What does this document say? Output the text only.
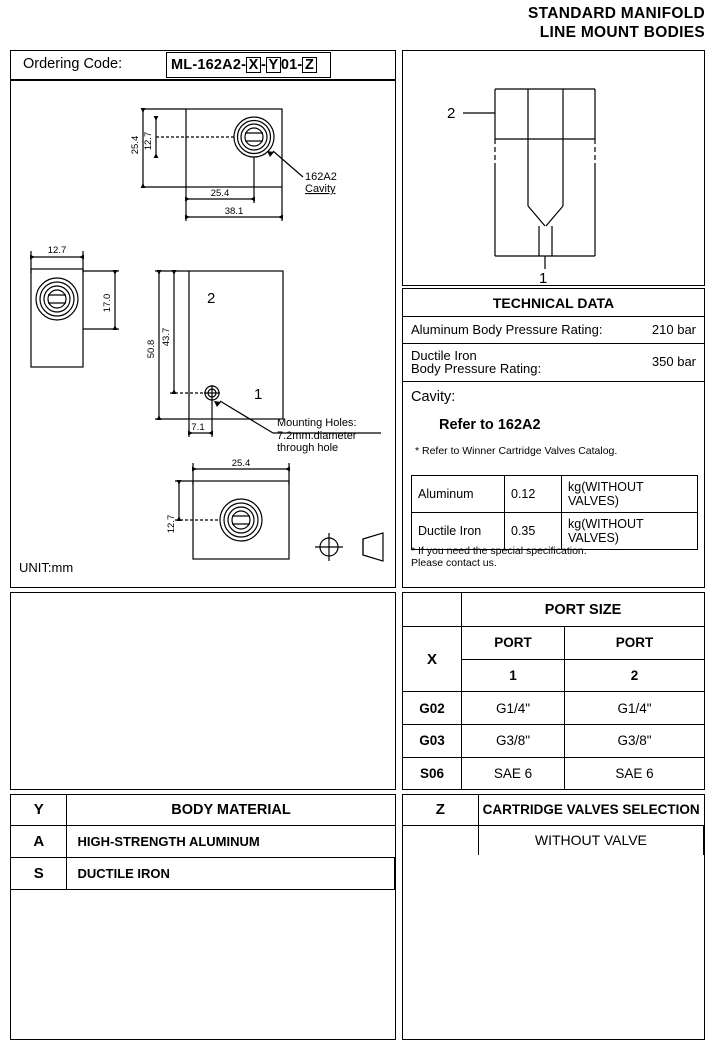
STANDARD MANIFOLD
LINE MOUNT BODIES
Ordering Code:	ML-162A2- X - Y 01- Z
25.4 12.7
25.4
38.1
12.7
17.0
50.8
43.7
7.1
25.4
12.7
2
1
162A2
Cavity
Mounting Holes:
7.2mm.diameter
through hole
UNIT:mm
2
1
TECHNICAL DATA
Aluminum Body Pressure Rating:	210 bar
Ductile Iron
Body Pressure Rating:	350 bar
Cavity:
Refer to 162A2
* Refer to Winner Cartridge Valves Catalog.
Aluminum	0.12	kg(WITHOUT VALVES)
Ductile Iron	0.35	kg(WITHOUT VALVES)
* If you need the special specification.
Please contact us.
	PORT SIZE	
X	PORT	PORT
	1	2
G02	G1/4"	G1/4"
G03	G3/8"	G3/8"
S06	SAE 6	SAE 6
Y	BODY MATERIAL
A	HIGH-STRENGTH ALUMINUM
S	DUCTILE IRON
Z	CARTRIDGE VALVES SELECTION
	WITHOUT VALVE
